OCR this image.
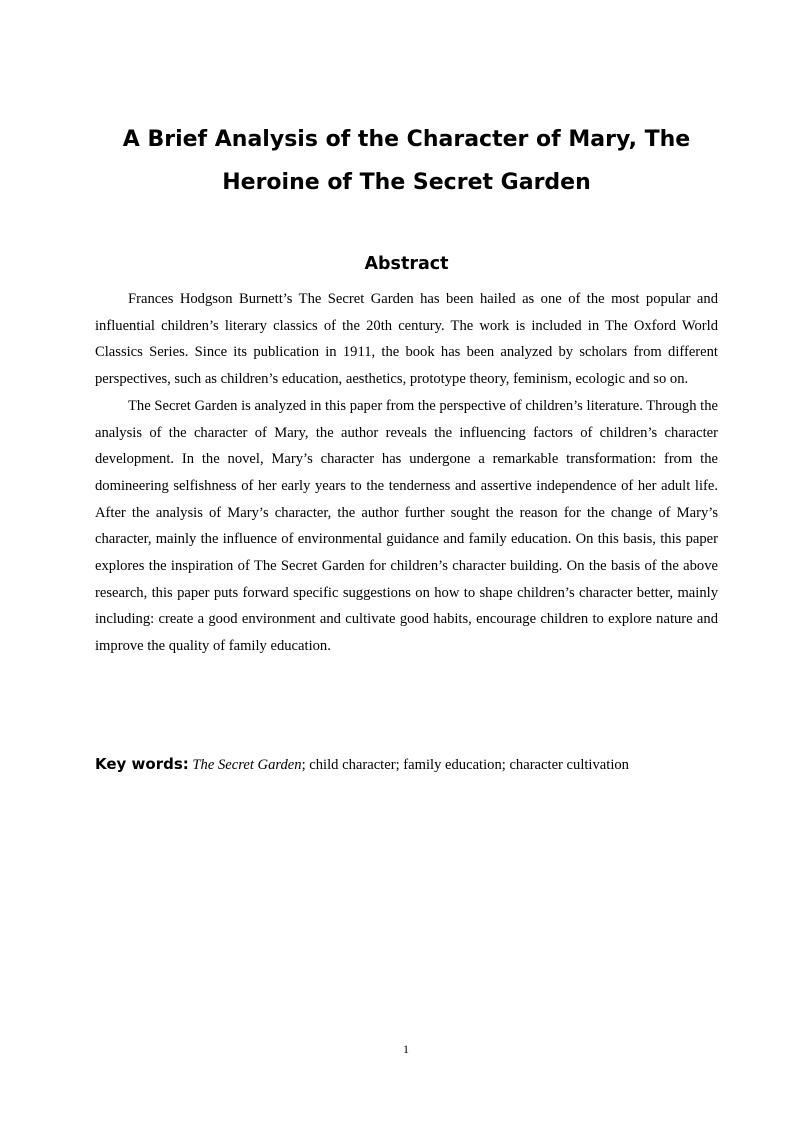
A Brief Analysis of the Character of Mary, The
Heroine of The Secret Garden
Abstract

Frances Hodgson Burnett’s The Secret Garden has been hailed as one of the most popular and influential children’s literary classics of the 20th century. The work is included in The Oxford World Classics Series. Since its publication in 1911, the book has been analyzed by scholars from different perspectives, such as children’s education, aesthetics, prototype theory, feminism, ecologic and so on.

The Secret Garden is analyzed in this paper from the perspective of children’s literature. Through the analysis of the character of Mary, the author reveals the influencing factors of children’s character development. In the novel, Mary’s character has undergone a remarkable transformation: from the domineering selfishness of her early years to the tenderness and assertive independence of her adult life. After the analysis of Mary’s character, the author further sought the reason for the change of Mary’s character, mainly the influence of environmental guidance and family education. On this basis, this paper explores the inspiration of The Secret Garden for children’s character building. On the basis of the above research, this paper puts forward specific suggestions on how to shape children’s character better, mainly including: create a good environment and cultivate good habits, encourage children to explore nature and improve the quality of family education.

Key words: The Secret Garden; child character; family education; character cultivation
1
